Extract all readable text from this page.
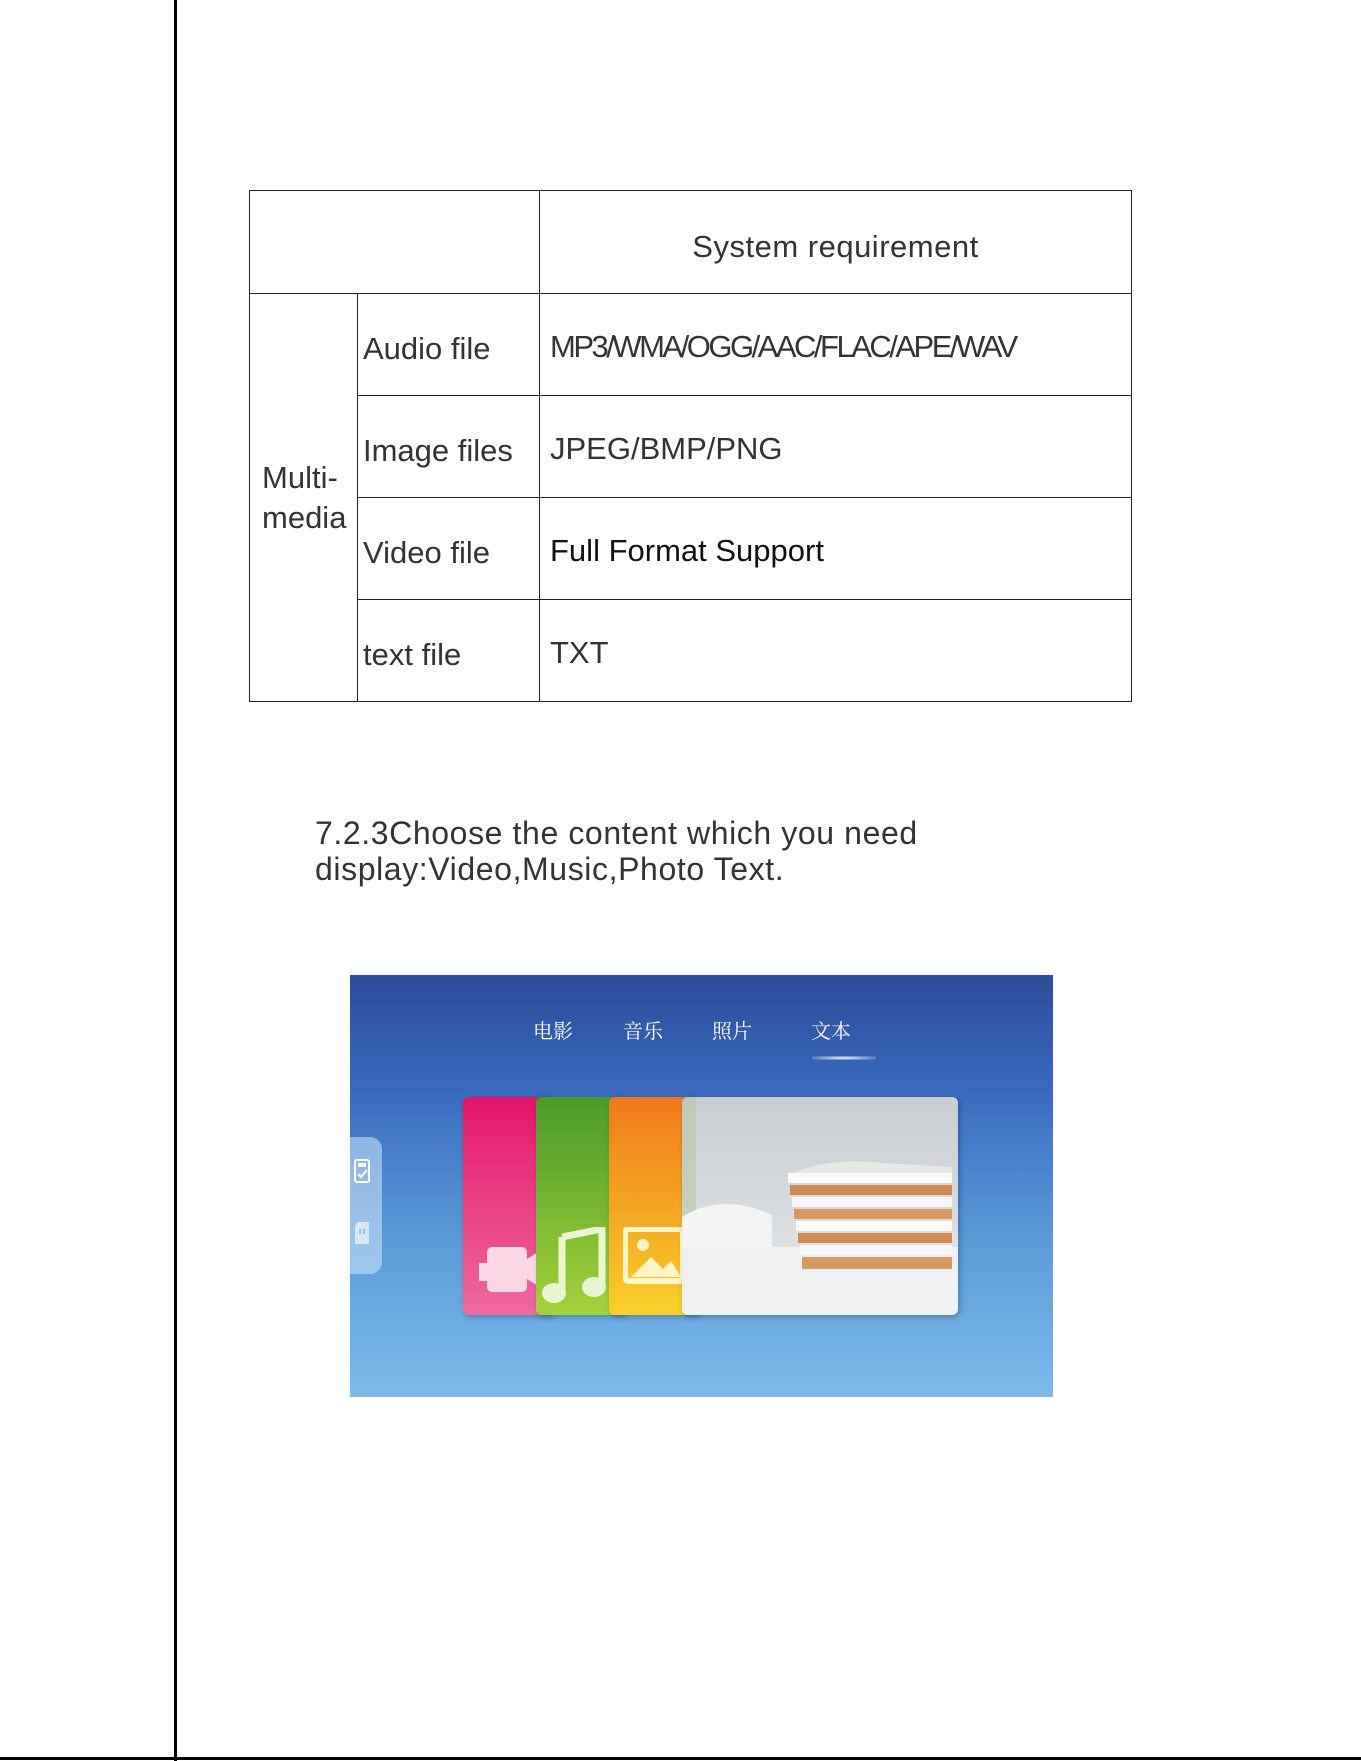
		System requirement
Multi-
media	Audio file	MP3/WMA/OGG/AAC/FLAC/APE/WAV
	Image files	JPEG/BMP/PNG
	Video file	Full Format Support
	text file	TXT

7.2.3Choose the content which you need
display:Video,Music,Photo Text.

电影	音乐 照片	文本
